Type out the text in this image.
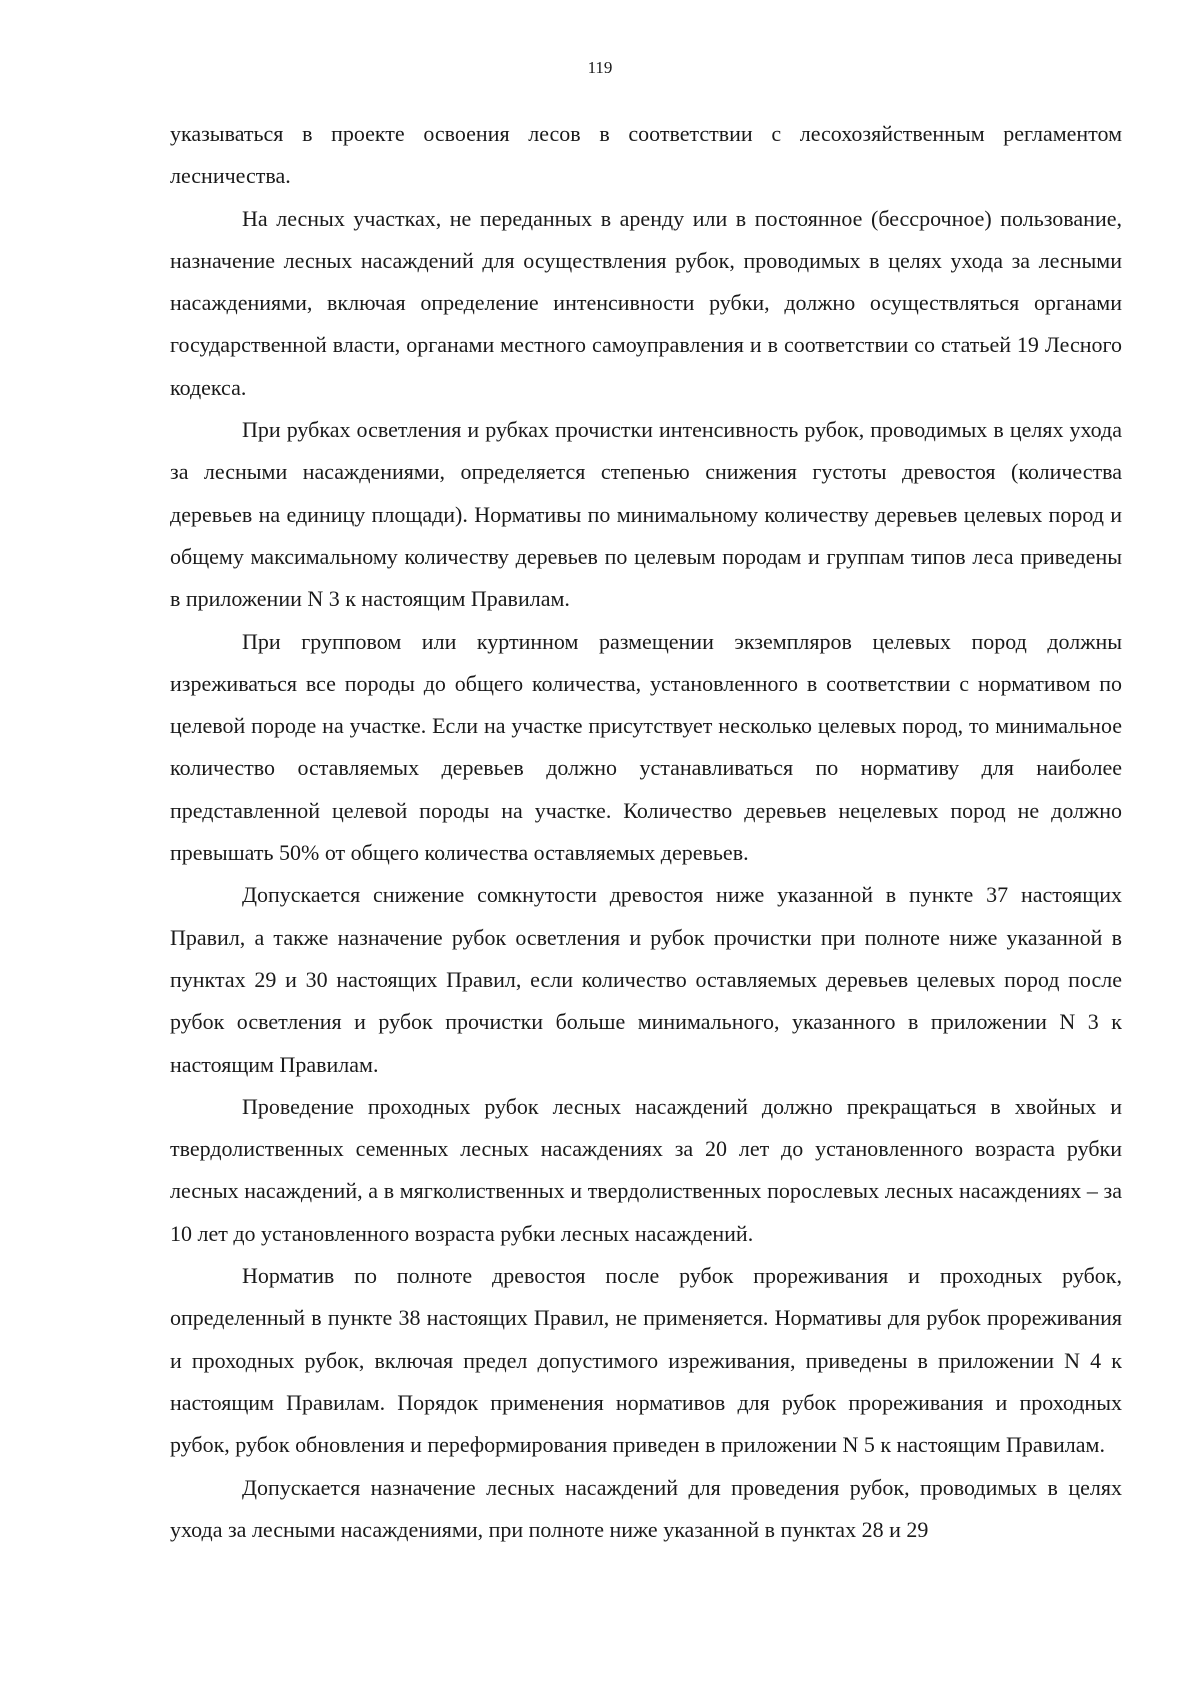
119

указываться в проекте освоения лесов в соответствии с лесохозяйственным регламентом лесничества.

На лесных участках, не переданных в аренду или в постоянное (бессрочное) пользование, назначение лесных насаждений для осуществления рубок, проводимых в целях ухода за лесными насаждениями, включая определение интенсивности рубки, должно осуществляться органами государственной власти, органами местного самоуправления и в соответствии со статьей 19 Лесного кодекса.

При рубках осветления и рубках прочистки интенсивность рубок, проводимых в целях ухода за лесными насаждениями, определяется степенью снижения густоты древостоя (количества деревьев на единицу площади). Нормативы по минимальному количеству деревьев целевых пород и общему максимальному количеству деревьев по целевым породам и группам типов леса приведены в приложении N 3 к настоящим Правилам.

При групповом или куртинном размещении экземпляров целевых пород должны изреживаться все породы до общего количества, установленного в соответствии с нормативом по целевой породе на участке. Если на участке присутствует несколько целевых пород, то минимальное количество оставляемых деревьев должно устанавливаться по нормативу для наиболее представленной целевой породы на участке. Количество деревьев нецелевых пород не должно превышать 50% от общего количества оставляемых деревьев.

Допускается снижение сомкнутости древостоя ниже указанной в пункте 37 настоящих Правил, а также назначение рубок осветления и рубок прочистки при полноте ниже указанной в пунктах 29 и 30 настоящих Правил, если количество оставляемых деревьев целевых пород после рубок осветления и рубок прочистки больше минимального, указанного в приложении N 3 к настоящим Правилам.

Проведение проходных рубок лесных насаждений должно прекращаться в хвойных и твердолиственных семенных лесных насаждениях за 20 лет до установленного возраста рубки лесных насаждений, а в мягколиственных и твердолиственных порослевых лесных насаждениях – за 10 лет до установленного возраста рубки лесных насаждений.

Норматив по полноте древостоя после рубок прореживания и проходных рубок, определенный в пункте 38 настоящих Правил, не применяется. Нормативы для рубок прореживания и проходных рубок, включая предел допустимого изреживания, приведены в приложении N 4 к настоящим Правилам. Порядок применения нормативов для рубок прореживания и проходных рубок, рубок обновления и переформирования приведен в приложении N 5 к настоящим Правилам.

Допускается назначение лесных насаждений для проведения рубок, проводимых в целях ухода за лесными насаждениями, при полноте ниже указанной в пунктах 28 и 29
